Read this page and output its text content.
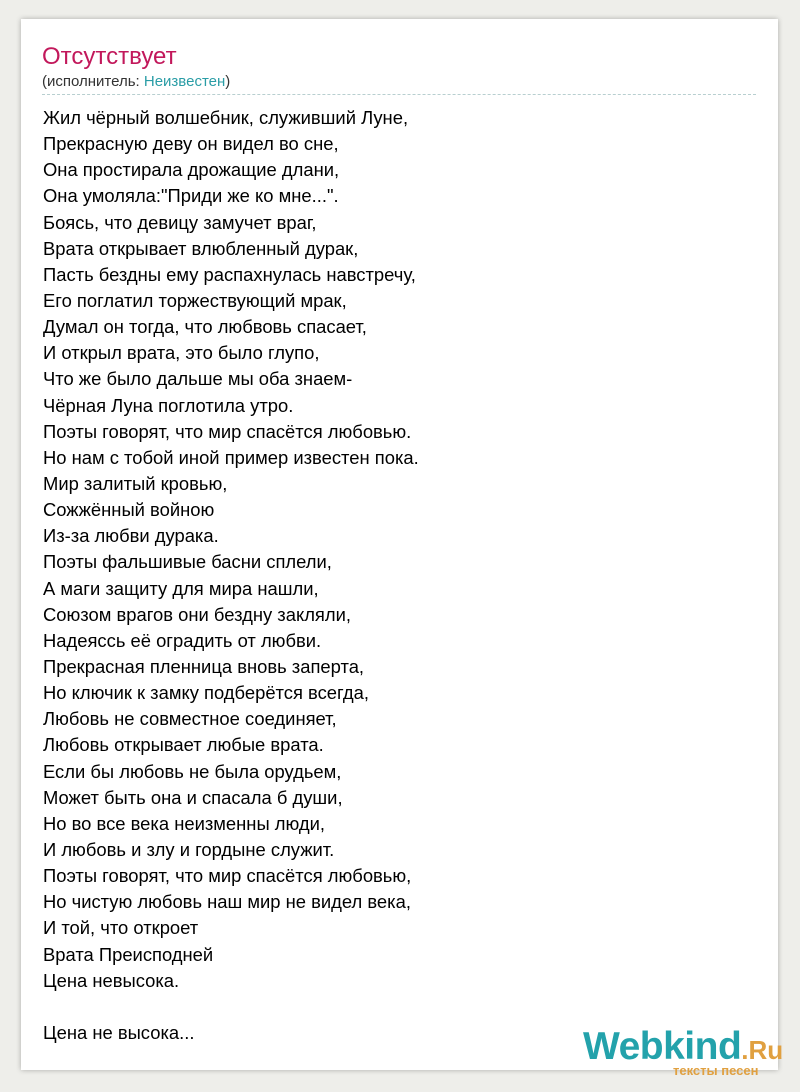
Отсутствует
(исполнитель: Неизвестен)
Жил чёрный волшебник, служивший Луне,
Прекрасную деву он видел во сне,
Она простирала дрожащие длани,
Она умоляла:"Приди же ко мне...".
Боясь, что девицу замучет враг,
Врата открывает влюбленный дурак,
Пасть бездны ему распахнулась навстречу,
Его поглатил торжествующий мрак,
Думал он тогда, что любвовь спасает,
И открыл врата, это было глупо,
Что же было дальше мы оба знаем-
Чёрная Луна поглотила утро.
Поэты говорят, что мир спасётся любовью.
Но нам с тобой иной пример известен пока.
Мир залитый кровью,
Сожжённый войною
Из-за любви дурака.
Поэты фальшивые басни сплели,
А маги защиту для мира нашли,
Союзом врагов они бездну закляли,
Надеяссь её оградить от любви.
Прекрасная пленница вновь заперта,
Но ключик к замку подберётся всегда,
Любовь не совместное соединяет,
Любовь открывает любые врата.
Если бы любовь не была орудьем,
Может быть она и спасала б души,
Но во все века неизменны люди,
И любовь и злу и гордыне служит.
Поэты говорят, что мир спасётся любовью,
Но чистую любовь наш мир не видел века,
И той, что откроет
Врата Преисподней
Цена невысока.
Цена не высока...	Webkind.Ru
тексты песен
